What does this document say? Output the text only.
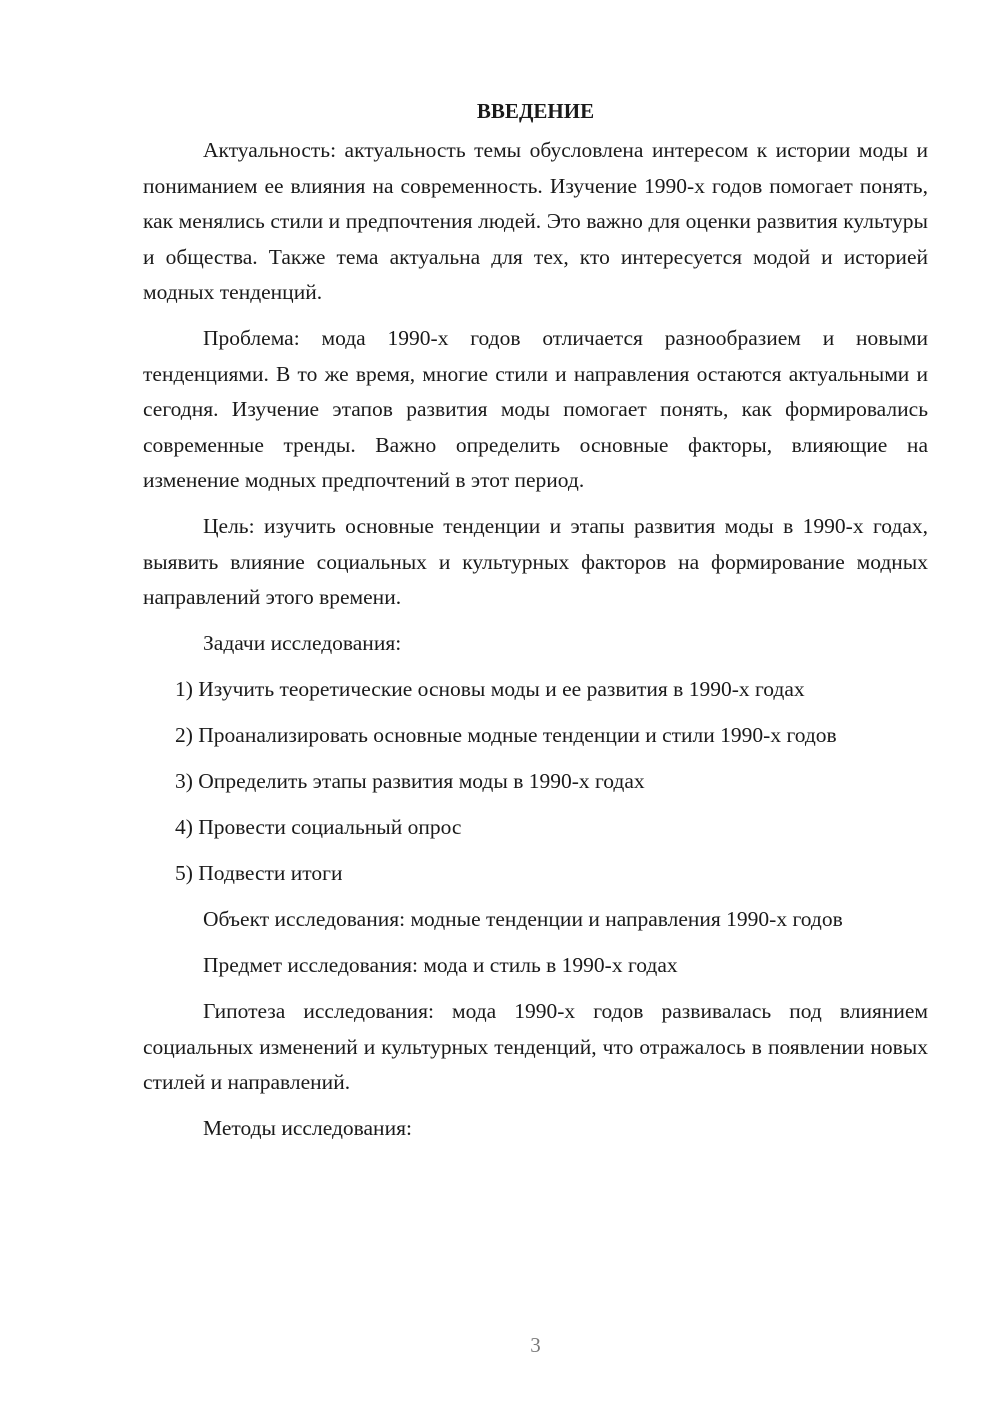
ВВЕДЕНИЕ
Актуальность: актуальность темы обусловлена интересом к истории моды и пониманием ее влияния на современность. Изучение 1990-х годов помогает понять, как менялись стили и предпочтения людей. Это важно для оценки развития культуры и общества. Также тема актуальна для тех, кто интересуется модой и историей модных тенденций.
Проблема: мода 1990-х годов отличается разнообразием и новыми тенденциями. В то же время, многие стили и направления остаются актуальными и сегодня. Изучение этапов развития моды помогает понять, как формировались современные тренды. Важно определить основные факторы, влияющие на изменение модных предпочтений в этот период.
Цель: изучить основные тенденции и этапы развития моды в 1990-х годах, выявить влияние социальных и культурных факторов на формирование модных направлений этого времени.
Задачи исследования:
1) Изучить теоретические основы моды и ее развития в 1990-х годах
2) Проанализировать основные модные тенденции и стили 1990-х годов
3) Определить этапы развития моды в 1990-х годах
4) Провести социальный опрос
5) Подвести итоги
Объект исследования: модные тенденции и направления 1990-х годов
Предмет исследования: мода и стиль в 1990-х годах
Гипотеза исследования: мода 1990-х годов развивалась под влиянием социальных изменений и культурных тенденций, что отражалось в появлении новых стилей и направлений.
Методы исследования:
3
